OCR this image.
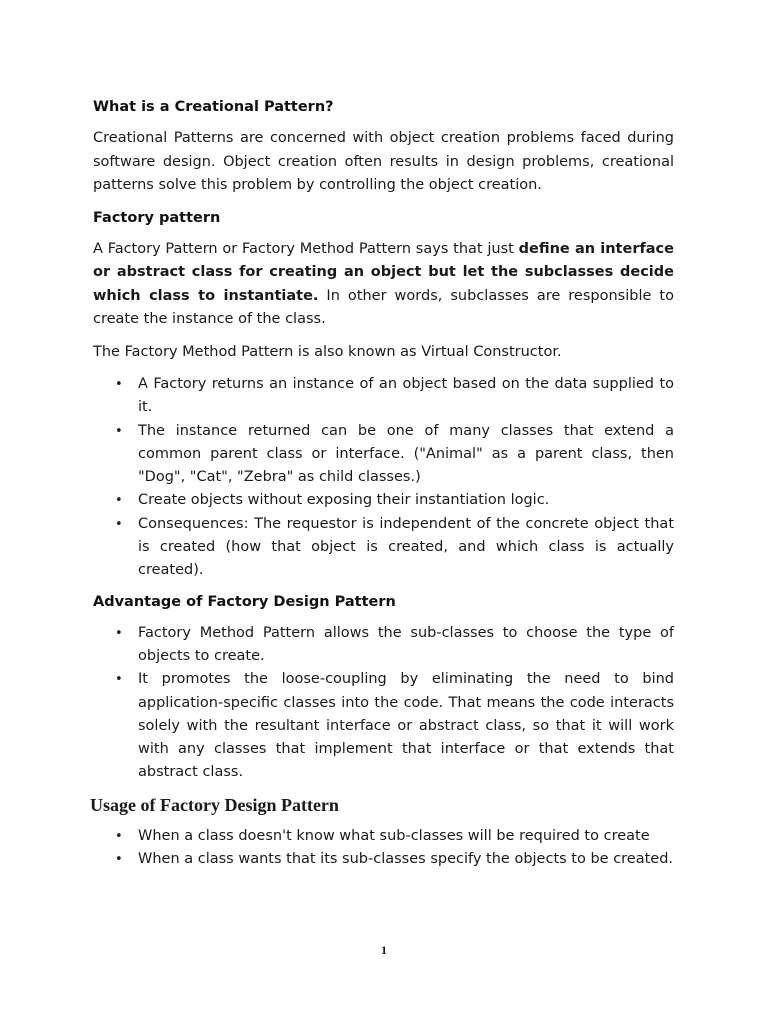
What is a Creational Pattern?
Creational Patterns are concerned with object creation problems faced during software design. Object creation often results in design problems, creational patterns solve this problem by controlling the object creation.
Factory pattern
A Factory Pattern or Factory Method Pattern says that just define an interface or abstract class for creating an object but let the subclasses decide which class to instantiate. In other words, subclasses are responsible to create the instance of the class.
The Factory Method Pattern is also known as Virtual Constructor.
• A Factory returns an instance of an object based on the data supplied to it.
• The instance returned can be one of many classes that extend a common parent class or interface. ("Animal" as a parent class, then "Dog", "Cat", "Zebra" as child classes.)
• Create objects without exposing their instantiation logic.
• Consequences: The requestor is independent of the concrete object that is created (how that object is created, and which class is actually created).
Advantage of Factory Design Pattern
• Factory Method Pattern allows the sub-classes to choose the type of objects to create.
• It promotes the loose-coupling by eliminating the need to bind application-specific classes into the code. That means the code interacts solely with the resultant interface or abstract class, so that it will work with any classes that implement that interface or that extends that abstract class.
Usage of Factory Design Pattern
• When a class doesn't know what sub-classes will be required to create
• When a class wants that its sub-classes specify the objects to be created.
1
